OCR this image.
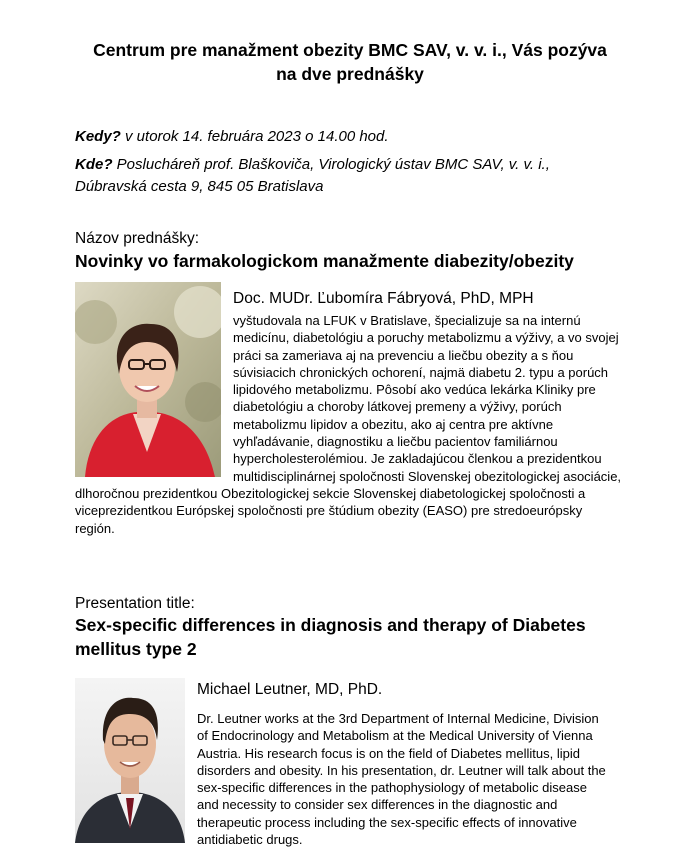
Centrum pre manažment obezity BMC SAV, v. v. i., Vás pozýva
na dve prednášky
Kedy? v utorok 14. februára 2023 o 14.00 hod.
Kde? Poslucháreň prof. Blaškoviča, Virologický ústav BMC SAV, v. v. i.,
Dúbravská cesta 9, 845 05 Bratislava
Názov prednášky:
Novinky vo farmakologickom manažmente diabezity/obezity
Doc. MUDr. Ľubomíra Fábryová, PhD, MPH

vyštudovala na LFUK v Bratislave, špecializuje sa na internú

medicínu, diabetológiu a poruchy metabolizmu a výživy, a vo svojej

práci sa zameriava aj na prevenciu a liečbu obezity a s ňou

súvisiacich chronických ochorení, najmä diabetu 2. typu a porúch

lipidového metabolizmu. Pôsobí ako vedúca lekárka Kliniky pre

diabetológiu a choroby látkovej premeny a výživy, porúch

metabolizmu lipidov a obezitu, ako aj centra pre aktívne

vyhľadávanie, diagnostiku a liečbu pacientov familiárnou

hypercholesterolémiou. Je zakladajúcou členkou a prezidentkou

multidisciplinárnej spoločnosti Slovenskej obezitologickej asociácie,

dlhoročnou prezidentkou Obezitologickej sekcie Slovenskej diabetologickej spoločnosti a

viceprezidentkou Európskej spoločnosti pre štúdium obezity (EASO) pre stredoeurópsky

región.

Presentation title:
Sex-specific differences in diagnosis and therapy of Diabetes
mellitus type 2
Michael Leutner, MD, PhD.

Dr. Leutner works at the 3rd Department of Internal Medicine, Division

of Endocrinology and Metabolism at the Medical University of Vienna

Austria. His research focus is on the field of Diabetes mellitus, lipid

disorders and obesity. In his presentation, dr. Leutner will talk about the

sex-specific differences in the pathophysiology of metabolic disease

and necessity to consider sex differences in the diagnostic and

therapeutic process including the sex-specific effects of innovative

antidiabetic drugs.
